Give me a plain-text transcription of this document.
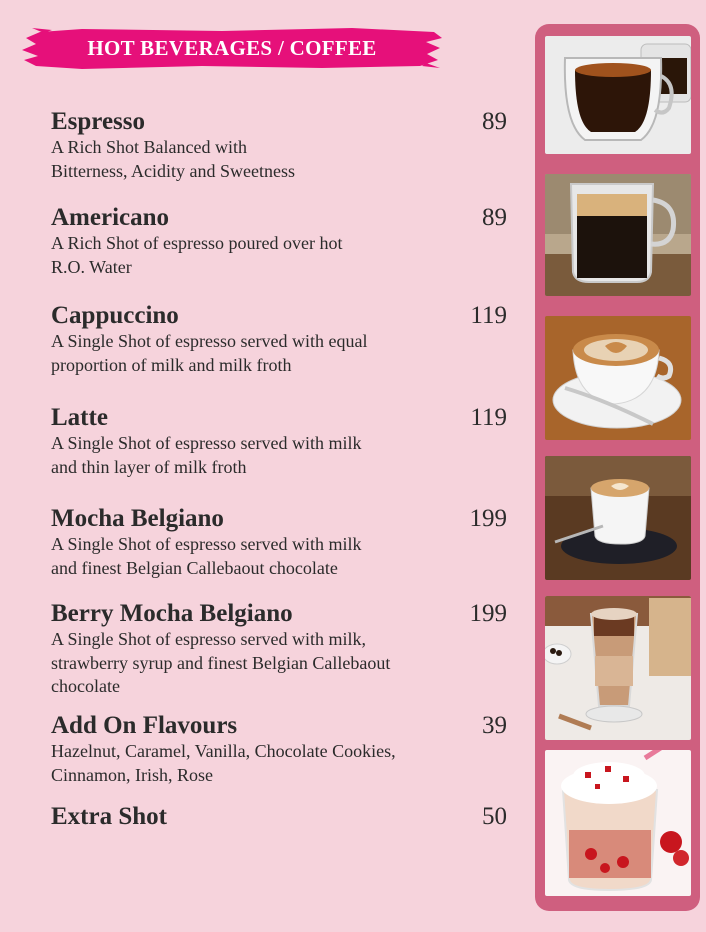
HOT BEVERAGES / COFFEE
Espresso	89
A Rich Shot Balanced with
Bitterness, Acidity and Sweetness
Americano	89
A Rich Shot of espresso poured over hot
R.O. Water
Cappuccino	119
A Single Shot of espresso served with equal
proportion of milk and milk froth
Latte	119
A Single Shot of espresso served with milk
and thin layer of milk froth
Mocha Belgiano	199
A Single Shot of espresso served with milk
and finest Belgian Callebaout chocolate
Berry Mocha Belgiano	199
A Single Shot of espresso served with milk,
strawberry syrup and finest Belgian Callebaout
chocolate
Add On Flavours	39
Hazelnut, Caramel, Vanilla, Chocolate Cookies,
Cinnamon, Irish, Rose
Extra Shot	50
